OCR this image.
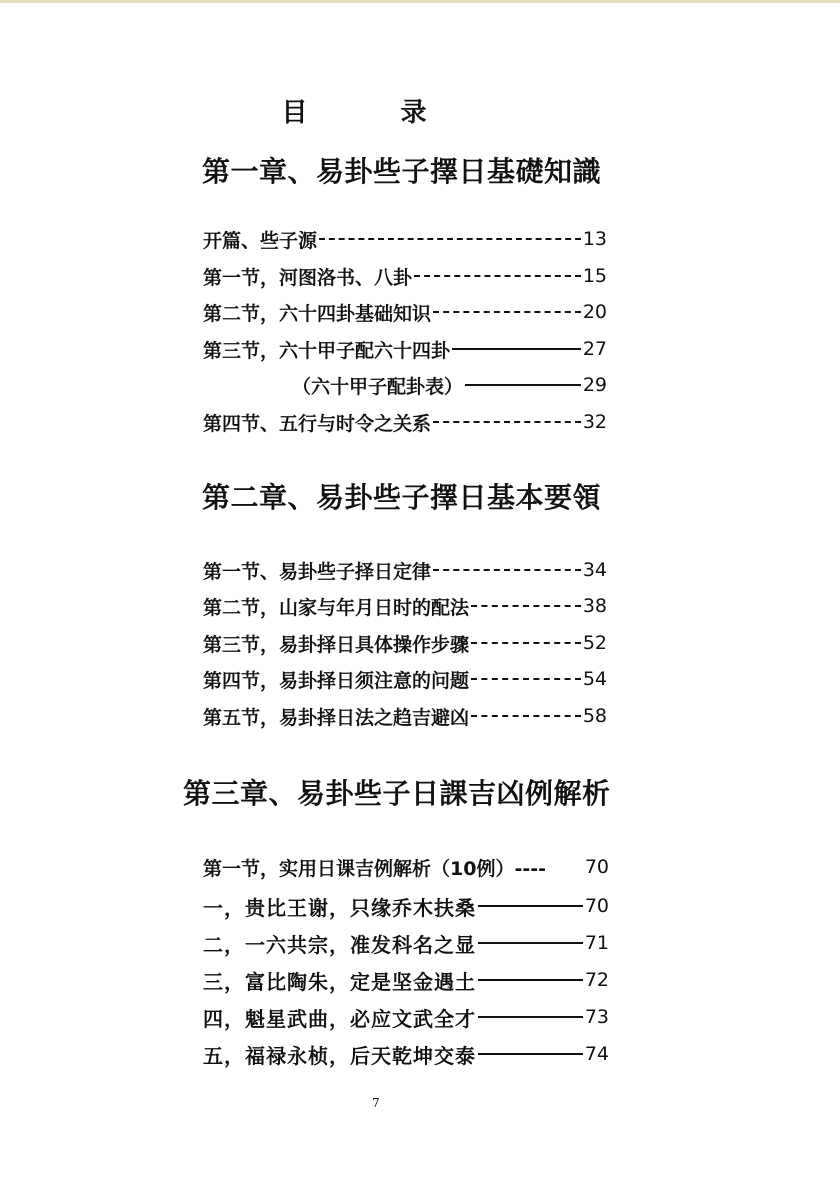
目 录
第一章、易卦些子擇日基礎知識
开篇、些子源	13
第一节，河图洛书、八卦	15
第二节，六十四卦基础知识	20
第三节，六十甲子配六十四卦	27
（六十甲子配卦表）	29
第四节、五行与时令之关系	32
第二章、易卦些子擇日基本要領
第一节、易卦些子择日定律	34
第二节，山家与年月日时的配法	38
第三节，易卦择日具体操作步骤	52
第四节，易卦择日须注意的问题	54
第五节，易卦择日法之趋吉避凶	58
第三章、易卦些子日課吉凶例解析
第一节，实用日课吉例解析（10例）---- 70
一，贵比王谢，只缘乔木扶桑	70
二，一六共宗，准发科名之显	71
三，富比陶朱，定是坚金遇土	72
四，魁星武曲，必应文武全才	73
五，福禄永桢，后天乾坤交泰	74
7
